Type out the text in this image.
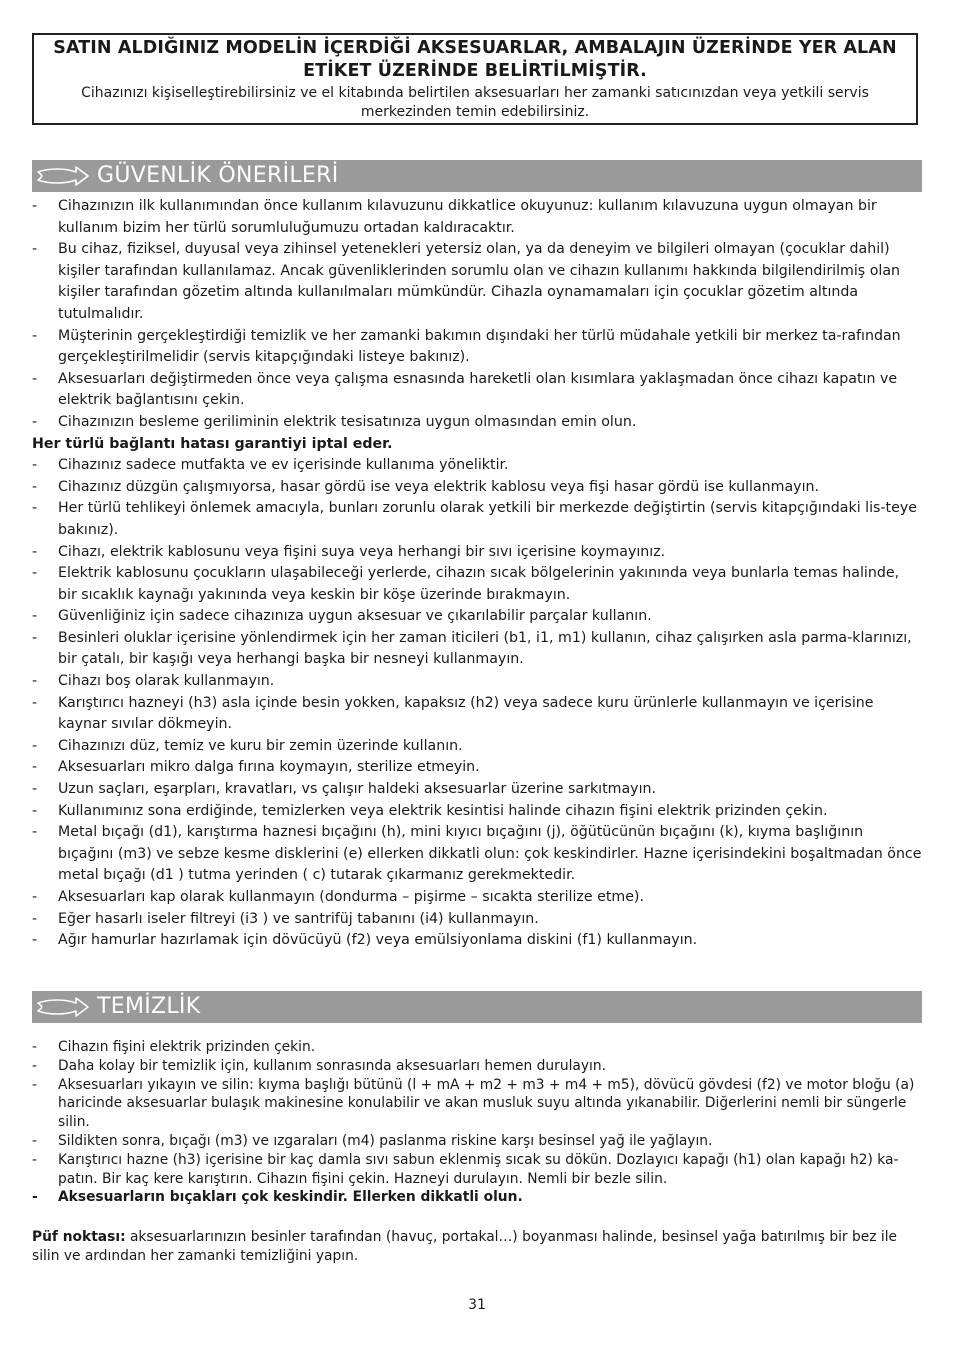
SATIN ALDIĞINIZ MODELİN İÇERDİĞİ AKSESUARLAR, AMBALAJIN ÜZERİNDE YER ALAN ETİKET ÜZERİNDE BELİRTİLMİŞTİR.

Cihazınızı kişiselleştirebilirsiniz ve el kitabında belirtilen aksesuarları her zamanki satıcınızdan veya yetkili servis merkezinden temin edebilirsiniz.

GÜVENLİK ÖNERİLERİ
- Cihazınızın ilk kullanımından önce kullanım kılavuzunu dikkatlice okuyunuz: kullanım kılavuzuna uygun olmayan bir kullanım bizim her türlü sorumluluğumuzu ortadan kaldıracaktır.
- Bu cihaz, fiziksel, duyusal veya zihinsel yetenekleri yetersiz olan, ya da deneyim ve bilgileri olmayan (çocuklar dahil) kişiler tarafından kullanılamaz. Ancak güvenliklerinden sorumlu olan ve cihazın kullanımı hakkında bilgilendirilmiş olan kişiler tarafından gözetim altında kullanılmaları mümkündür. Cihazla oynamamaları için çocuklar gözetim altında tutulmalıdır.
- Müşterinin gerçekleştirdiği temizlik ve her zamanki bakımın dışındaki her türlü müdahale yetkili bir merkez ta-rafından gerçekleştirilmelidir (servis kitapçığındaki listeye bakınız).
- Aksesuarları değiştirmeden önce veya çalışma esnasında hareketli olan kısımlara yaklaşmadan önce cihazı kapatın ve elektrik bağlantısını çekin.
- Cihazınızın besleme geriliminin elektrik tesisatınıza uygun olmasından emin olun.
Her türlü bağlantı hatası garantiyi iptal eder.
- Cihazınız sadece mutfakta ve ev içerisinde kullanıma yöneliktir.
- Cihazınız düzgün çalışmıyorsa, hasar gördü ise veya elektrik kablosu veya fişi hasar gördü ise kullanmayın.
- Her türlü tehlikeyi önlemek amacıyla, bunları zorunlu olarak yetkili bir merkezde değiştirtin (servis kitapçığındaki lis-teye bakınız).
- Cihazı, elektrik kablosunu veya fişini suya veya herhangi bir sıvı içerisine koymayınız.
- Elektrik kablosunu çocukların ulaşabileceği yerlerde, cihazın sıcak bölgelerinin yakınında veya bunlarla temas halinde, bir sıcaklık kaynağı yakınında veya keskin bir köşe üzerinde bırakmayın.
- Güvenliğiniz için sadece cihazınıza uygun aksesuar ve çıkarılabilir parçalar kullanın.
- Besinleri oluklar içerisine yönlendirmek için her zaman iticileri (b1, i1, m1) kullanın, cihaz çalışırken asla parma-klarınızı, bir çatalı, bir kaşığı veya herhangi başka bir nesneyi kullanmayın.
- Cihazı boş olarak kullanmayın.
- Karıştırıcı hazneyi (h3) asla içinde besin yokken, kapaksız (h2) veya sadece kuru ürünlerle kullanmayın ve içerisine kaynar sıvılar dökmeyin.
- Cihazınızı düz, temiz ve kuru bir zemin üzerinde kullanın.
- Aksesuarları mikro dalga fırına koymayın, sterilize etmeyin.
- Uzun saçları, eşarpları, kravatları, vs çalışır haldeki aksesuarlar üzerine sarkıtmayın.
- Kullanımınız sona erdiğinde, temizlerken veya elektrik kesintisi halinde cihazın fişini elektrik prizinden çekin.
- Metal bıçağı (d1), karıştırma haznesi bıçağını (h), mini kıyıcı bıçağını (j), öğütücünün bıçağını (k), kıyma başlığının bıçağını (m3) ve sebze kesme disklerini (e) ellerken dikkatli olun: çok keskindirler. Hazne içerisindekini boşaltmadan önce metal bıçağı (d1 ) tutma yerinden ( c) tutarak çıkarmanız gerekmektedir.
- Aksesuarları kap olarak kullanmayın (dondurma – pişirme – sıcakta sterilize etme).
- Eğer hasarlı iseler filtreyi (i3 ) ve santrifüj tabanını (i4) kullanmayın.
- Ağır hamurlar hazırlamak için dövücüyü (f2) veya emülsiyonlama diskini (f1) kullanmayın.
TEMİZLİK
- Cihazın fişini elektrik prizinden çekin.
- Daha kolay bir temizlik için, kullanım sonrasında aksesuarları hemen durulayın.
- Aksesuarları yıkayın ve silin: kıyma başlığı bütünü (l + mA + m2 + m3 + m4 + m5), dövücü gövdesi (f2) ve motor bloğu (a) haricinde aksesuarlar bulaşık makinesine konulabilir ve akan musluk suyu altında yıkanabilir. Diğerlerini nemli bir süngerle silin.
- Sildikten sonra, bıçağı (m3) ve ızgaraları (m4) paslanma riskine karşı besinsel yağ ile yağlayın.
- Karıştırıcı hazne (h3) içerisine bir kaç damla sıvı sabun eklenmiş sıcak su dökün. Dozlayıcı kapağı (h1) olan kapağı h2) ka-patın. Bir kaç kere karıştırın. Cihazın fişini çekin. Hazneyi durulayın. Nemli bir bezle silin.
- Aksesuarların bıçakları çok keskindir. Ellerken dikkatli olun.
Püf noktası: aksesuarlarınızın besinler tarafından (havuç, portakal…) boyanması halinde, besinsel yağa batırılmış bir bez ile silin ve ardından her zamanki temizliğini yapın.
31
